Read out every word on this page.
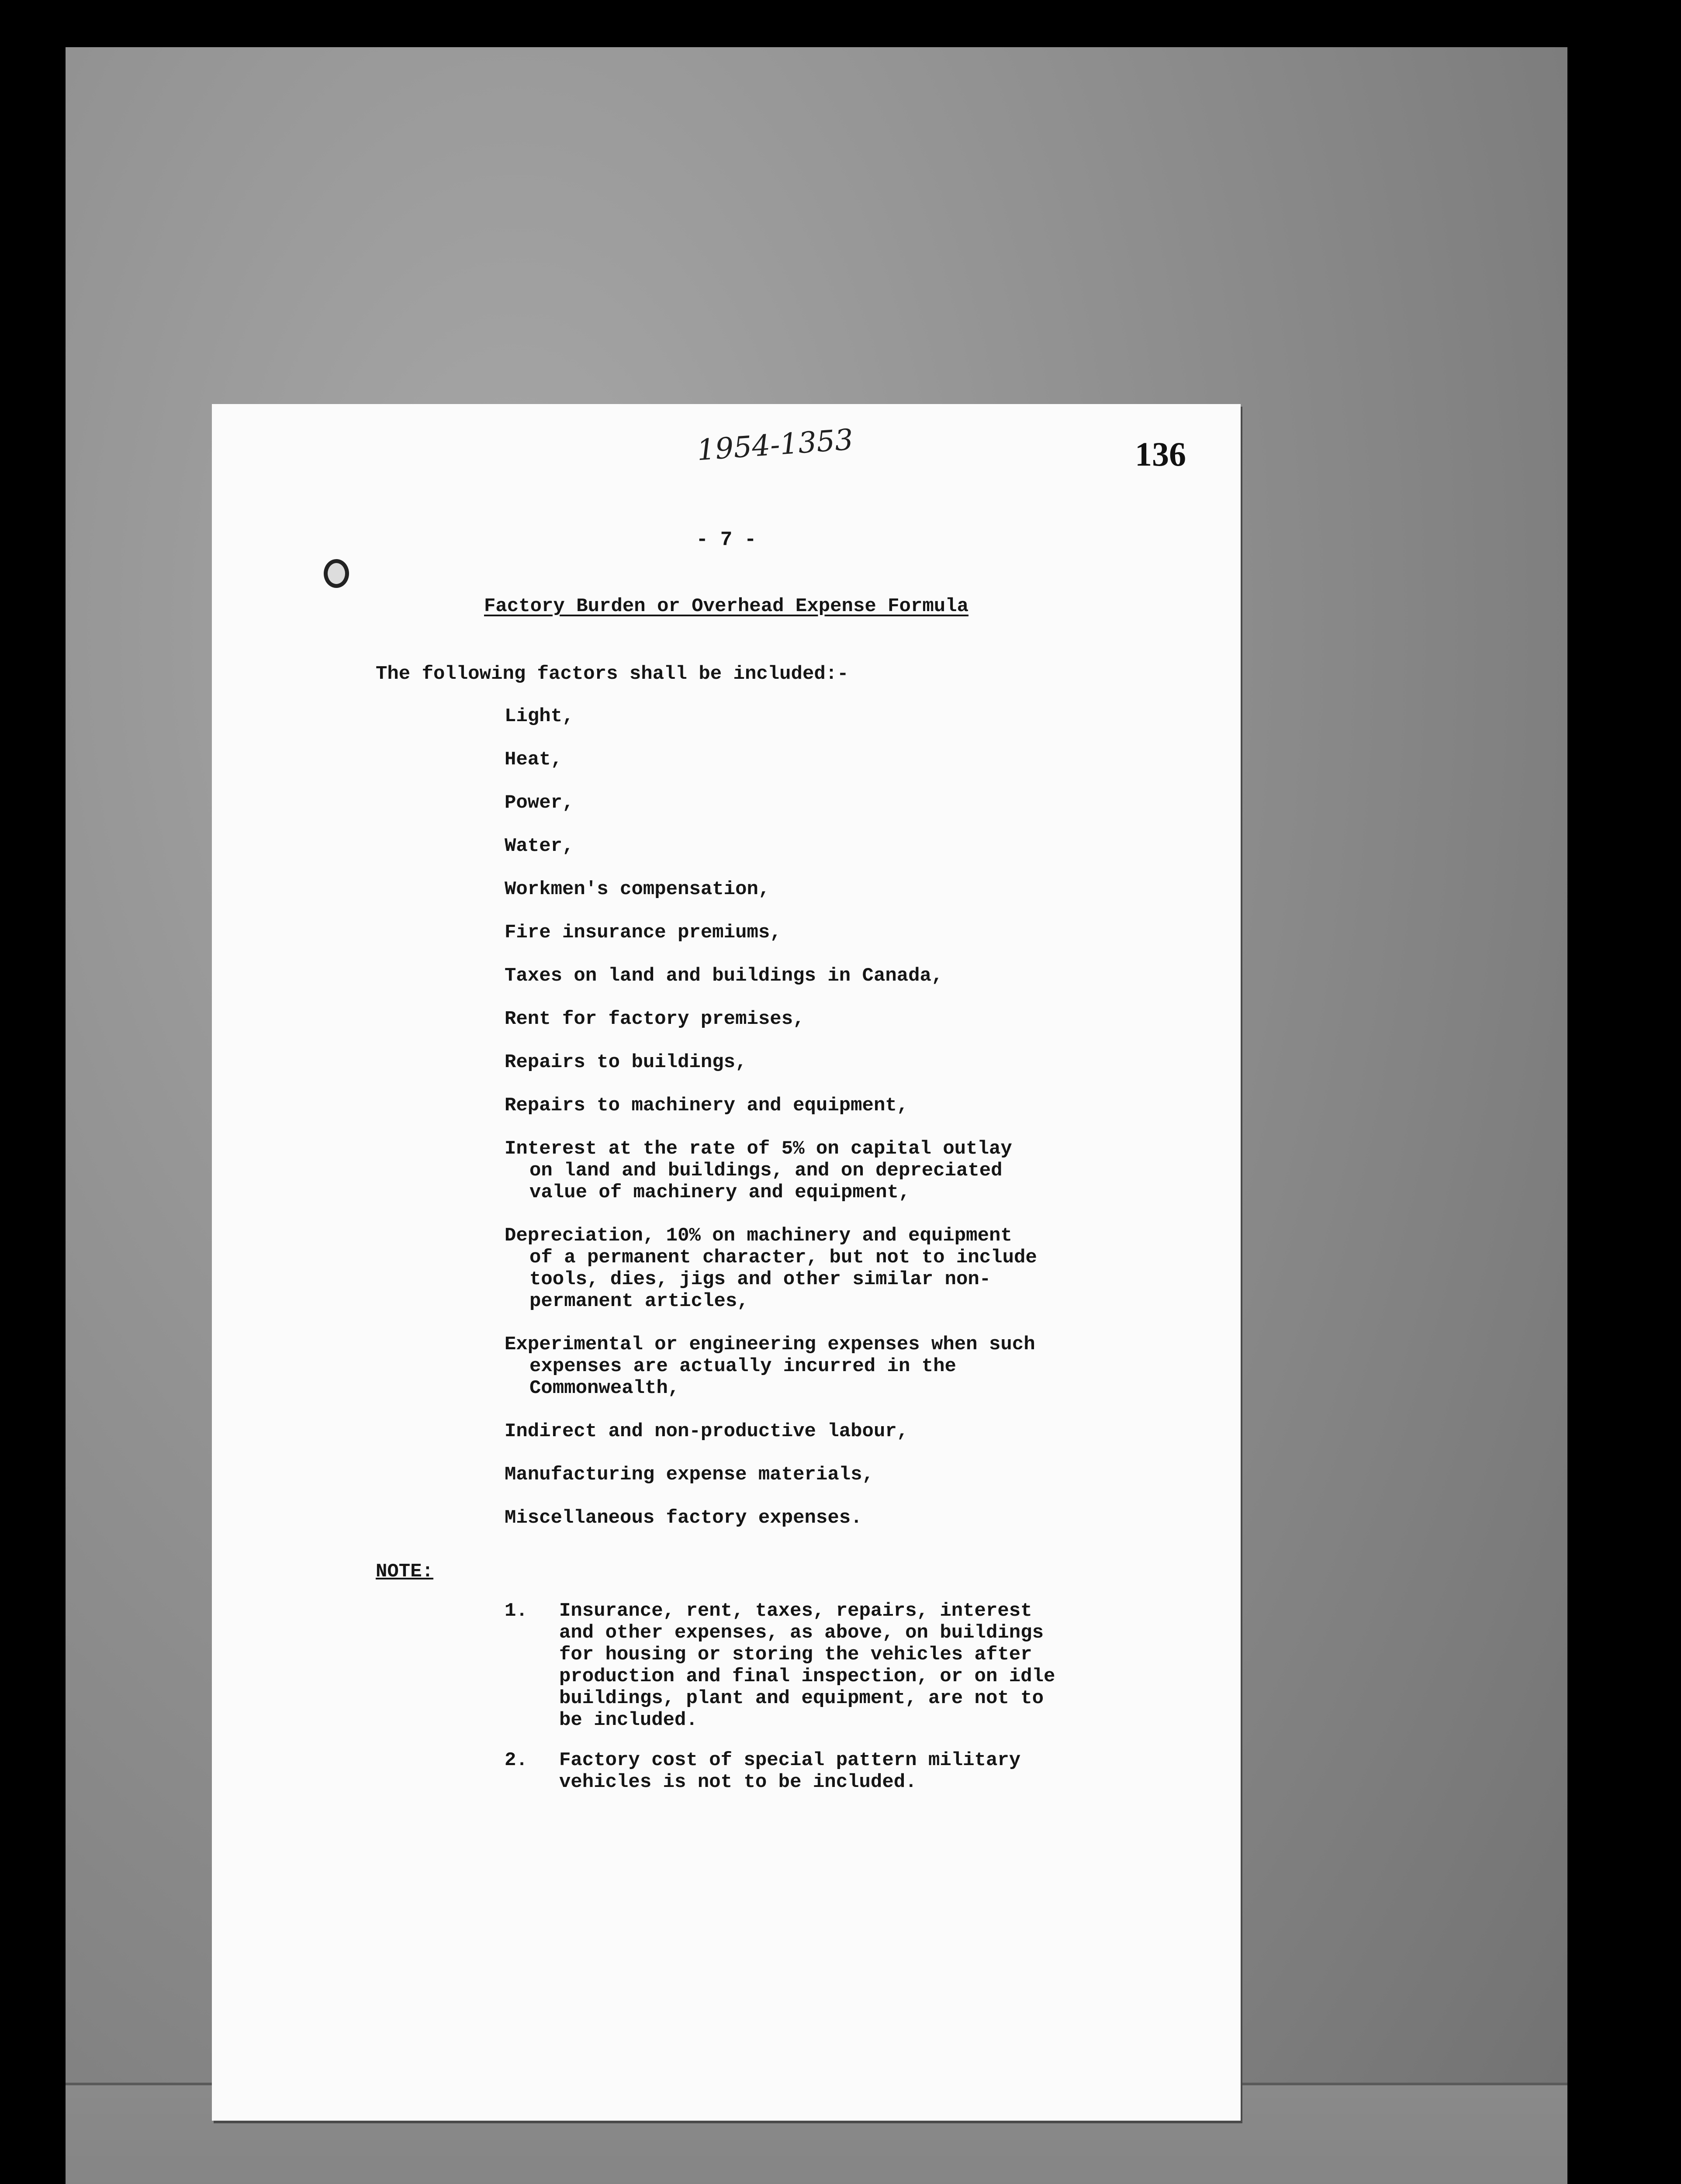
1954-1353	136
- 7 -
Factory Burden or Overhead Expense Formula
The following factors shall be included:-
Light,
Heat,
Power,
Water,
Workmen's compensation,
Fire insurance premiums,
Taxes on land and buildings in Canada,
Rent for factory premises,
Repairs to buildings,
Repairs to machinery and equipment,
Interest at the rate of 5% on capital outlay
on land and buildings, and on depreciated
value of machinery and equipment,
Depreciation, 10% on machinery and equipment
of a permanent character, but not to include
tools, dies, jigs and other similar non-
permanent articles,
Experimental or engineering expenses when such
expenses are actually incurred in the
Commonwealth,
Indirect and non-productive labour,
Manufacturing expense materials,
Miscellaneous factory expenses.
NOTE:
1.	Insurance, rent, taxes, repairs, interest
and other expenses, as above, on buildings
for housing or storing the vehicles after
production and final inspection, or on idle
buildings, plant and equipment, are not to
be included.
2.	Factory cost of special pattern military
vehicles is not to be included.
